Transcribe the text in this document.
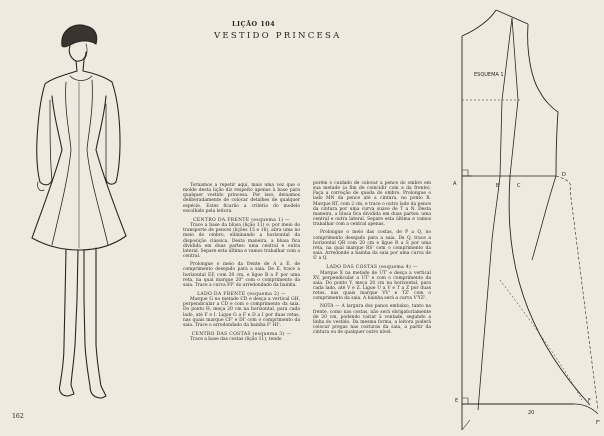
LIÇÃO 104
VESTIDO PRINCESA
ESQUEMA 1
A	B	C
D
E	F
F'
20

Tornamos a repetir aqui, mais uma vez que o molde desta lição diz respeito apenas à base para qualquer vestido princesa. Por isso, deixamos deliberadamente de colocar detalhes de qualquer espécie. Estes ficarão a critério do modelo escolhido pela leitora.

CENTRO DA FRENTE (esquema 1) —

Trace a base da blusa (lição 11) e, por meio do transporte de pences (lições 15 e 16), abra uma no meio do ombro, eliminando a horizontal da disposição clássica. Desta maneira, a blusa fica dividida em duas partes: uma central e outra lateral. Separe esta última e vamos trabalhar com a central.

Prolongue o meio da frente de A a E, de comprimento desejado para a saia. De E, trace a horizontal EF, com 20 cm, e ligue B a F por uma reta, na qual marque 20" com o comprimento da saia. Trace a curva FF' do arredondado da bainha.

LADO DA FRENTE (esquema 2) —

Marque G no metade CD e desça a vertical GH, perpendicular a CD e com o comprimento da saia. Do ponto H, meça 20 cm na horizontal, para cada lado, até F e I. Ligue G a F e D a I por duas retas, nas quais marque CF' e DI' com o comprimento da saia. Trace o arredondado da bainha F' HI'.

CENTRO DAS COSTAS (esquema 3) —

Trace a base das costas (lição 11), tendo

porém o cuidado de colocar a pence do ombro em sua metade (a fim de coincidir com a da frente). Faça a correção de queda do ombro. Prolongue o lado MN da pence até a cintura, no ponto R. Marque RT, com 2 cm, e trace o outro lado da pence da cintura por uma curva suave de T a N. Desta maneira, a blusa fica dividida em duas partes: uma central e outra lateral. Separe esta última e vamos trabalhar com a central apenas.

Prolongue o meio das costas, de P a Q, no comprimento desejado para a saia. De Q, trace a horizontal QR com 20 cm e ligue R a S por uma reta, na qual marque RS' com o comprimento da saia. Arredonde a bainha da saia por uma curva de S' a Q.

LADO DAS COSTAS (esquema 4) —

Marque X na metade de UT' e desça a vertical XV, perpendicular a UT' e com o comprimento da saia. Do ponto Y, meça 20 cm na horizontal, para cada lado, até V e Z. Ligue U a V e T a Z por duas retas, nas quais marque VV' e TZ' com o comprimento da saia. A bainha será a curva V'YZ'.

NOTA — A largura dos panos embaixo, tanto na frente, como nas costas, não será obrigatoriamente de 20 cm, podendo variar à vontade, segundo a linha do vestido. Da mesma forma, a leitora poderá colocar pregas nas costuras da saia, a partir da cintura ou de qualquer outro nível.

162
